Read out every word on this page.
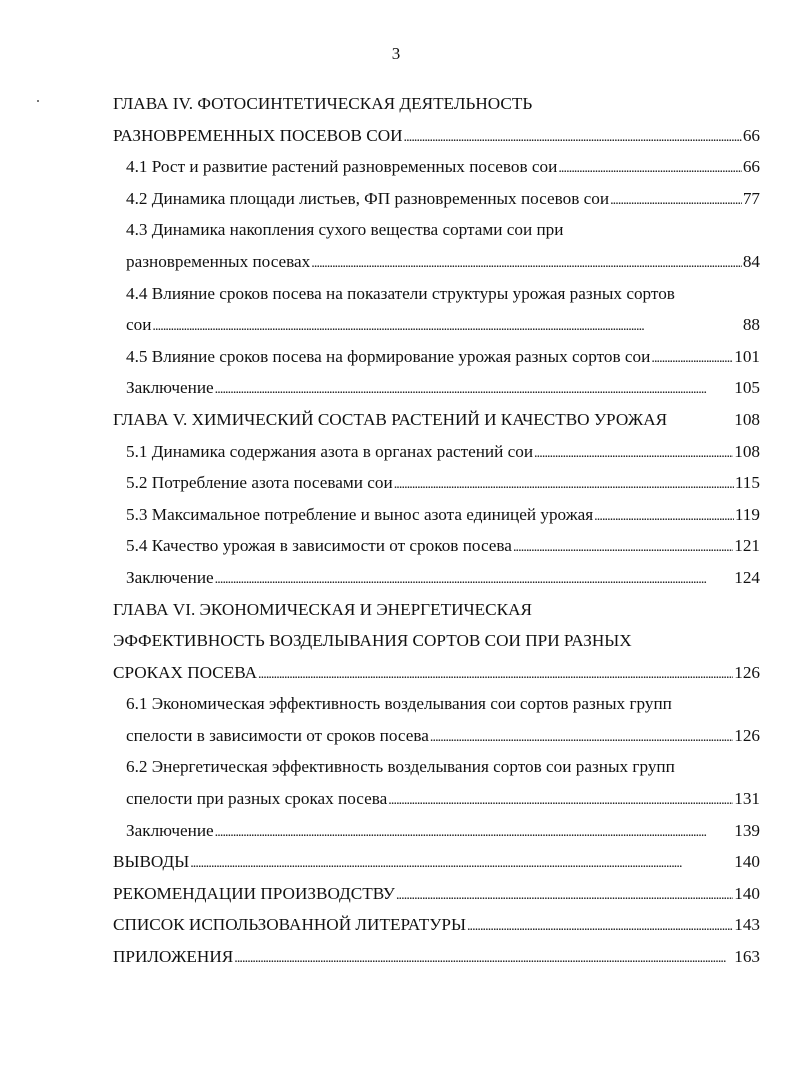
3
ГЛАВА IV. ФОТОСИНТЕТИЧЕСКАЯ ДЕЯТЕЛЬНОСТЬ
РАЗНОВРЕМЕННЫХ ПОСЕВОВ СОИ . . .	66
4.1 Рост и развитие растений разновременных посевов сои . . .	66
4.2 Динамика площади листьев, ФП разновременных посевов сои . . .	77
4.3 Динамика накопления сухого вещества сортами сои при
разновременных посевах . . .	84
4.4 Влияние сроков посева на показатели структуры урожая разных сортов
сои . . .	88
4.5 Влияние сроков посева на формирование урожая разных сортов сои . . .	101
Заключение . . .	105
ГЛАВА V. ХИМИЧЕСКИЙ СОСТАВ РАСТЕНИЙ И КАЧЕСТВО УРОЖАЯ	108
5.1 Динамика содержания азота в органах растений сои . . .	108
5.2 Потребление азота посевами сои . . .	115
5.3 Максимальное потребление и вынос азота единицей урожая . . .	119
5.4 Качество урожая в зависимости от сроков посева . . .	121
Заключение . . .	124
ГЛАВА VI. ЭКОНОМИЧЕСКАЯ И ЭНЕРГЕТИЧЕСКАЯ
ЭФФЕКТИВНОСТЬ ВОЗДЕЛЫВАНИЯ СОРТОВ СОИ ПРИ РАЗНЫХ
СРОКАХ ПОСЕВА . . .	126
6.1 Экономическая эффективность возделывания сои сортов разных групп
спелости в зависимости от сроков посева . . .	126
6.2 Энергетическая эффективность возделывания сортов сои разных групп
спелости при разных сроках посева . . .	131
Заключение . . .	139
ВЫВОДЫ . . .	140
РЕКОМЕНДАЦИИ ПРОИЗВОДСТВУ . . .	140
СПИСОК ИСПОЛЬЗОВАННОЙ ЛИТЕРАТУРЫ . . .	143
ПРИЛОЖЕНИЯ . . .	163
